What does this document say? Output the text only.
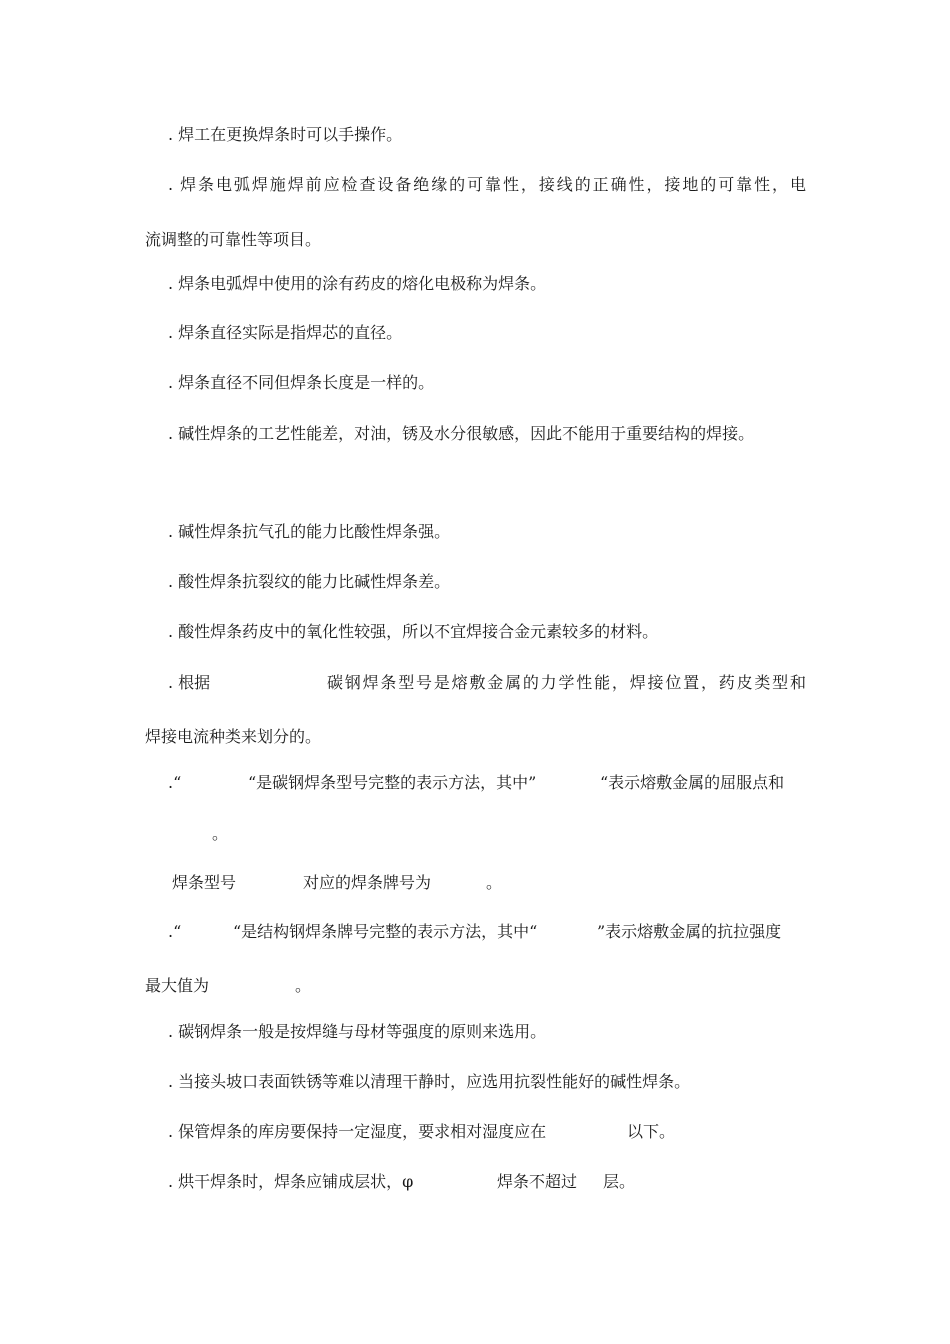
. 焊工在更换焊条时可以手操作。
. 焊条电弧焊施焊前应检查设备绝缘的可靠性，接线的正确性，接地的可靠性，电
流调整的可靠性等项目。
. 焊条电弧焊中使用的涂有药皮的熔化电极称为焊条。
. 焊条直径实际是指焊芯的直径。
. 焊条直径不同但焊条长度是一样的。
. 碱性焊条的工艺性能差，对油，锈及水分很敏感，因此不能用于重要结构的焊接。
. 碱性焊条抗气孔的能力比酸性焊条强。
. 酸性焊条抗裂纹的能力比碱性焊条差。
. 酸性焊条药皮中的氧化性较强，所以不宜焊接合金元素较多的材料。
. 根据	碳钢焊条型号是熔敷金属的力学性能，焊接位置，药皮类型和
焊接电流种类来划分的。
.“	“是碳钢焊条型号完整的表示方法，其中”	“表示熔敷金属的屈服点和
。
焊条型号	对应的焊条牌号为	。
.“	“是结构钢焊条牌号完整的表示方法，其中“	”表示熔敷金属的抗拉强度
最大值为	。
. 碳钢焊条一般是按焊缝与母材等强度的原则来选用。
. 当接头坡口表面铁锈等难以清理干静时，应选用抗裂性能好的碱性焊条。
. 保管焊条的库房要保持一定湿度，要求相对湿度应在	以下。
. 烘干焊条时，焊条应铺成层状，φ	焊条不超过 层。
